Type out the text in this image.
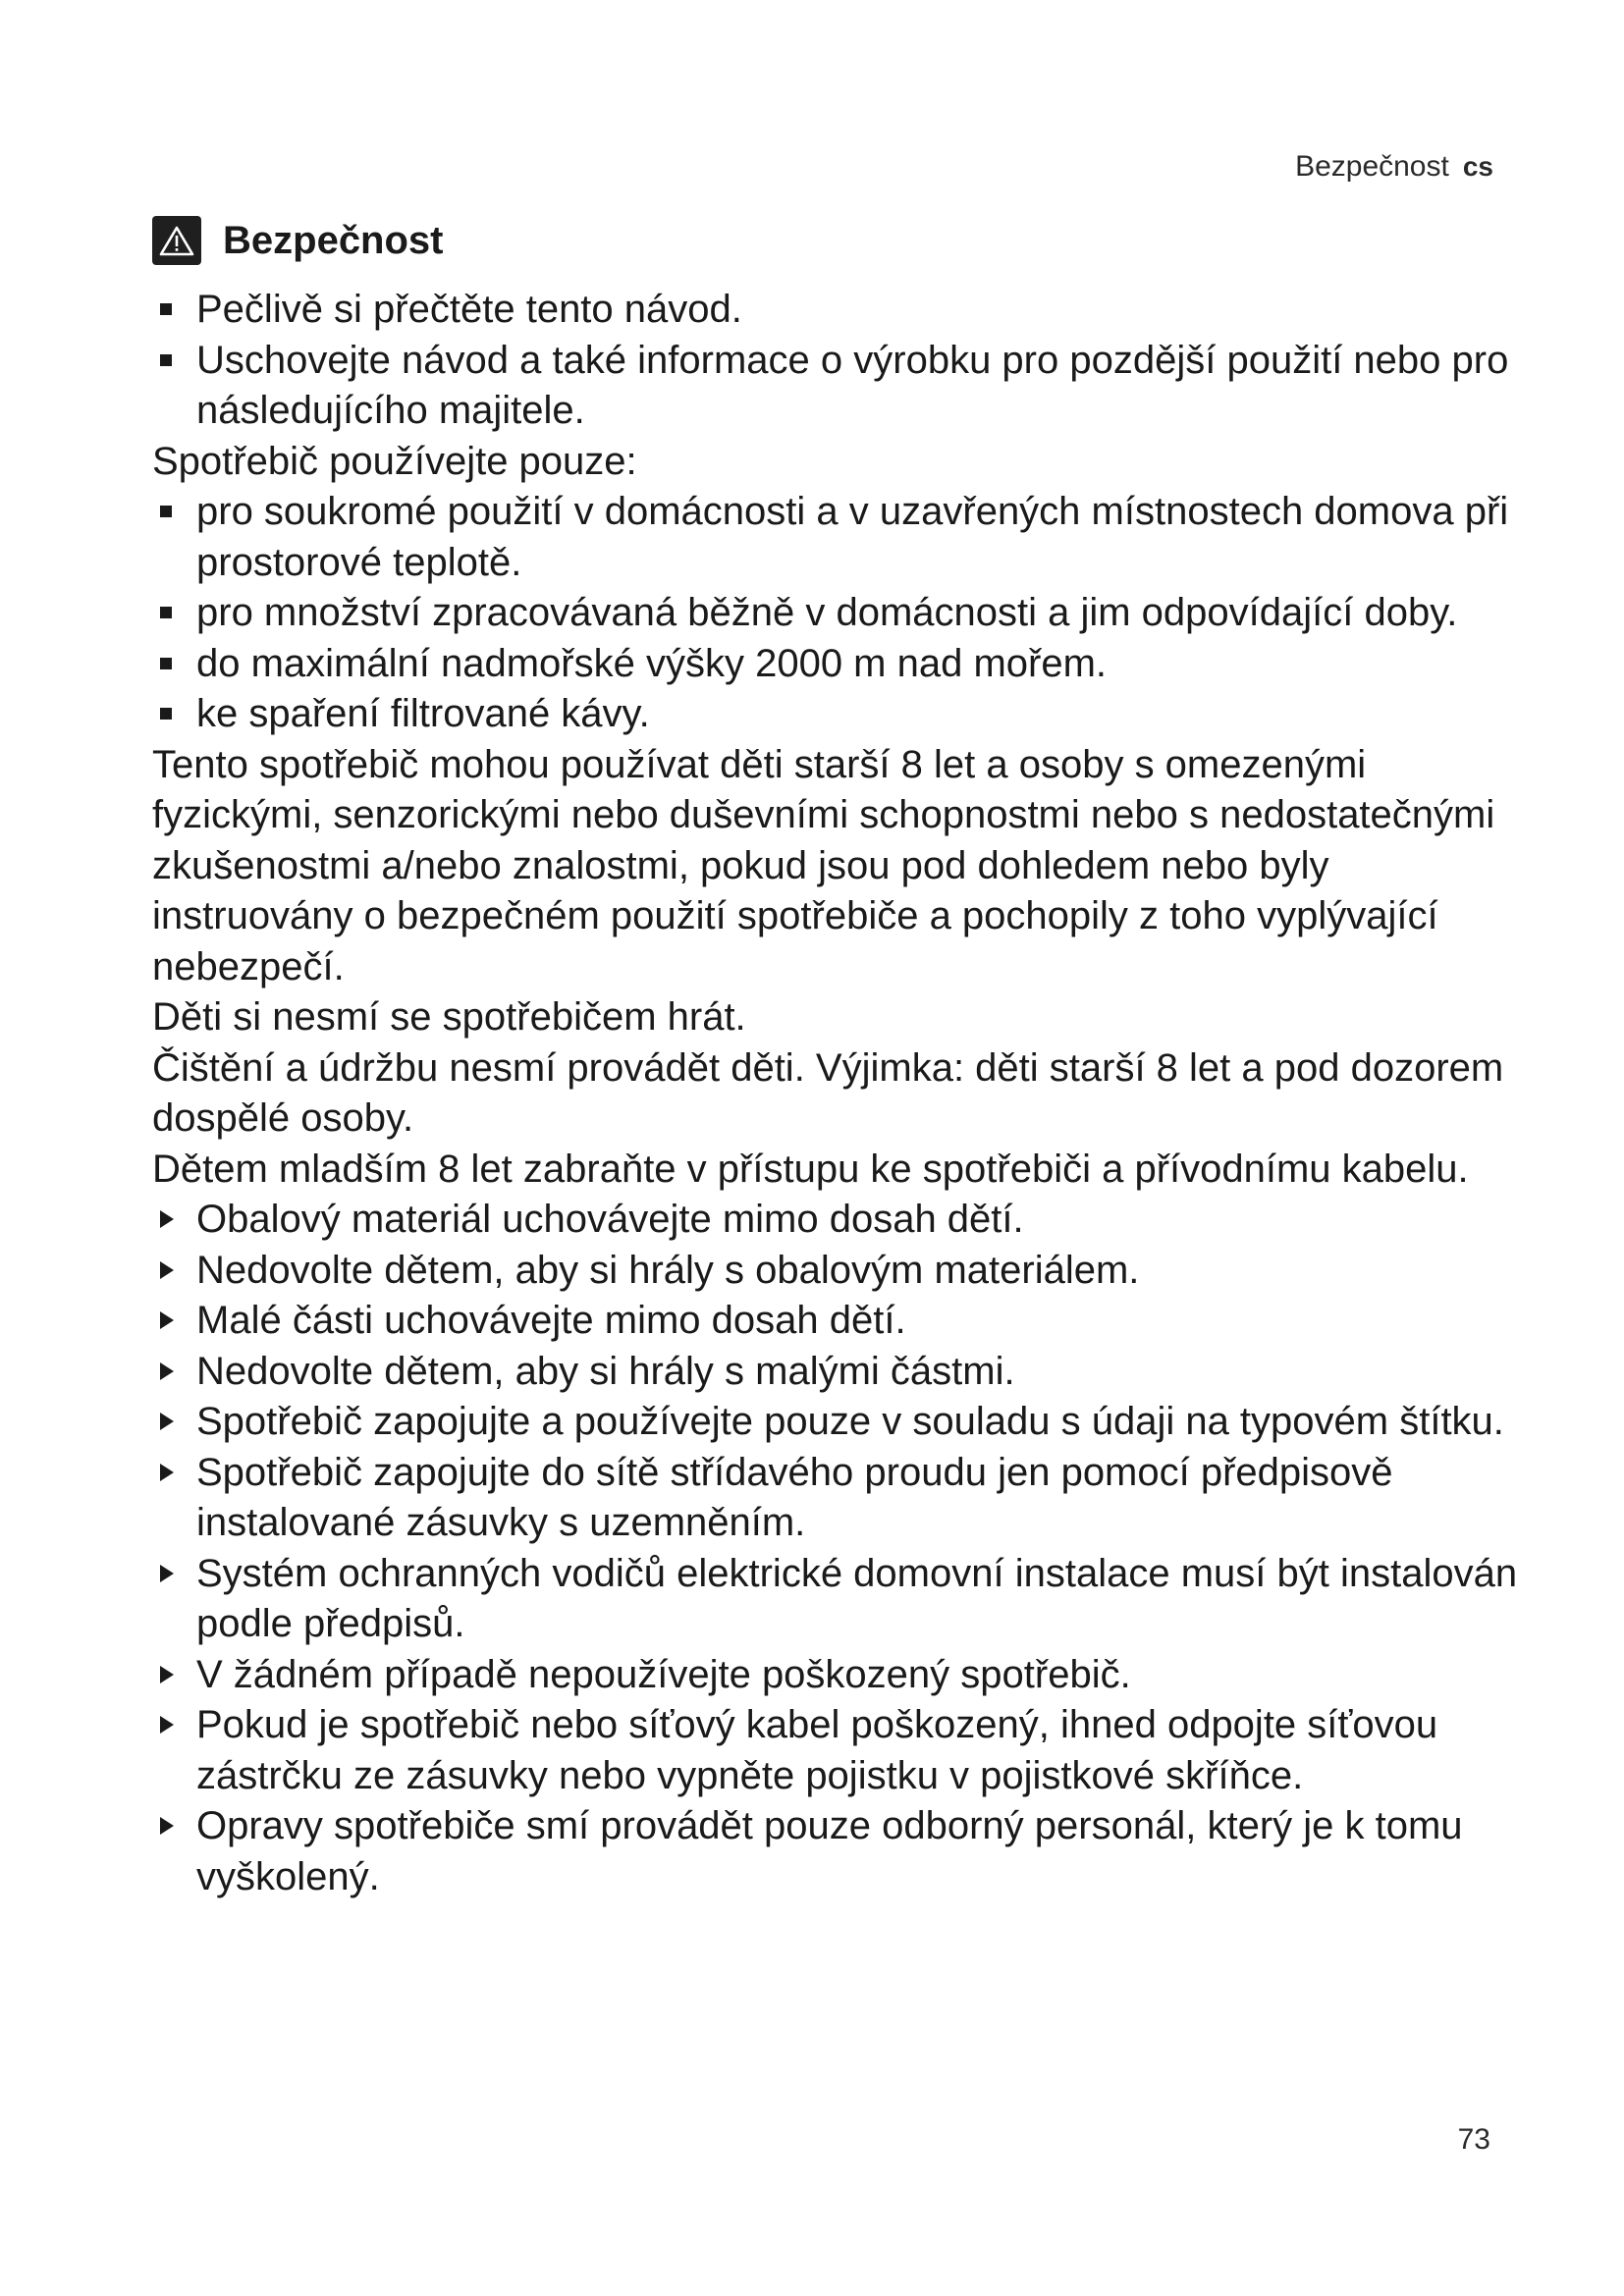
Bezpečnost cs
Bezpečnost
Pečlivě si přečtěte tento návod.
Uschovejte návod a také informace o výrobku pro pozdější použití nebo pro následujícího majitele.
Spotřebič používejte pouze:
pro soukromé použití v domácnosti a v uzavřených místnostech domova při prostorové teplotě.
pro množství zpracovávaná běžně v domácnosti a jim odpovídající doby.
do maximální nadmořské výšky 2000 m nad mořem.
ke spaření filtrované kávy.
Tento spotřebič mohou používat děti starší 8 let a osoby s omezenými fyzickými, senzorickými nebo duševními schopnostmi nebo s nedostatečnými zkušenostmi a/nebo znalostmi, pokud jsou pod dohledem nebo byly instruovány o bezpečném použití spotřebiče a pochopily z toho vyplývající nebezpečí.
Děti si nesmí se spotřebičem hrát.
Čištění a údržbu nesmí provádět děti. Výjimka: děti starší 8 let a pod dozorem dospělé osoby.
Dětem mladším 8 let zabraňte v přístupu ke spotřebiči a přívodnímu kabelu.
Obalový materiál uchovávejte mimo dosah dětí.
Nedovolte dětem, aby si hrály s obalovým materiálem.
Malé části uchovávejte mimo dosah dětí.
Nedovolte dětem, aby si hrály s malými částmi.
Spotřebič zapojujte a používejte pouze v souladu s údaji na typovém štítku.
Spotřebič zapojujte do sítě střídavého proudu jen pomocí předpisově instalované zásuvky s uzemněním.
Systém ochranných vodičů elektrické domovní instalace musí být instalován podle předpisů.
V žádném případě nepoužívejte poškozený spotřebič.
Pokud je spotřebič nebo síťový kabel poškozený, ihned odpojte síťovou zástrčku ze zásuvky nebo vypněte pojistku v pojistkové skříňce.
Opravy spotřebiče smí provádět pouze odborný personál, který je k tomu vyškolený.
73
